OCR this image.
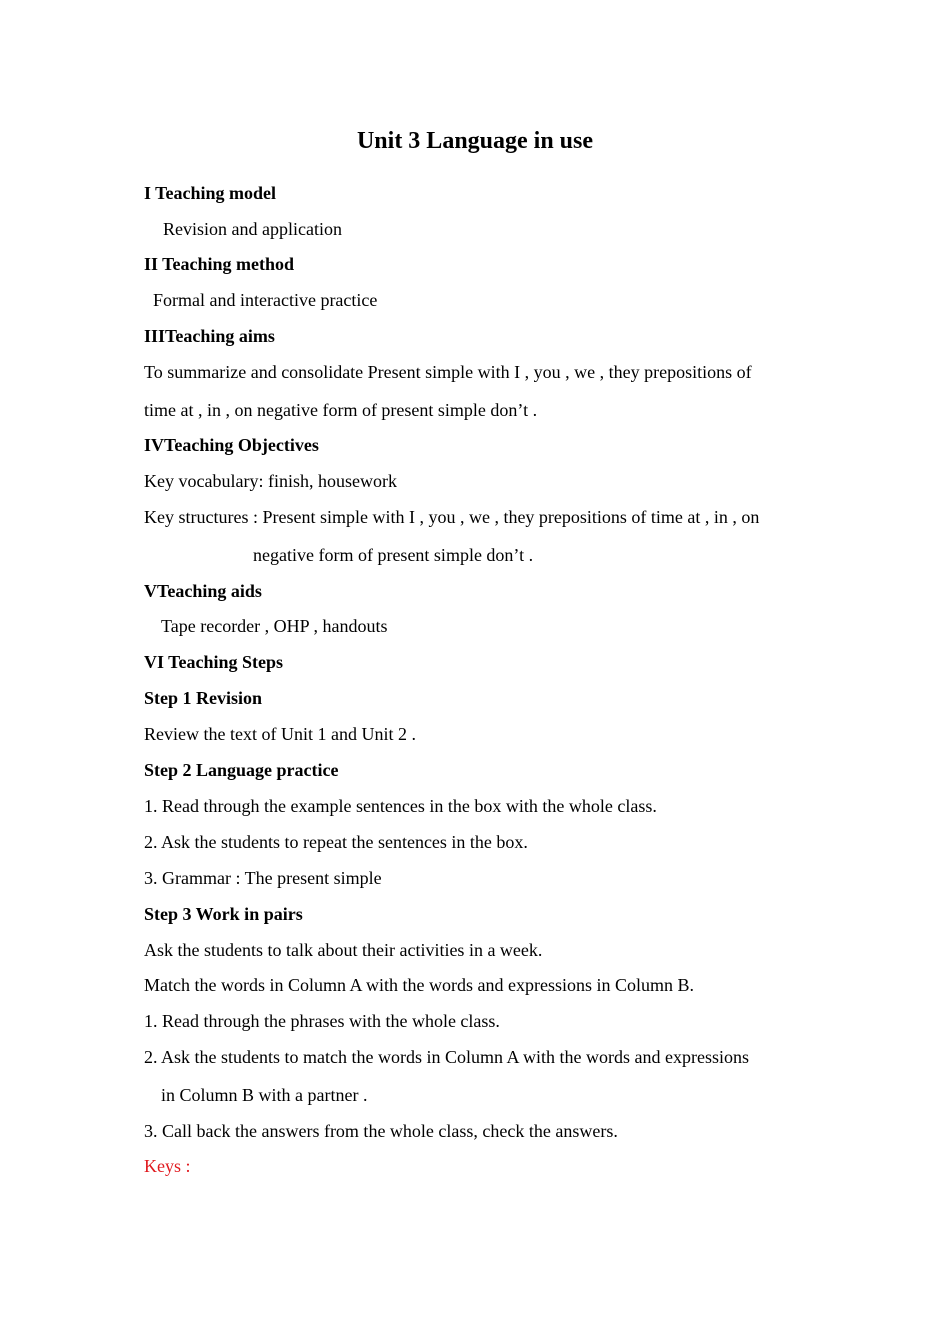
Unit 3 Language in use
I Teaching model
Revision and application
II Teaching method
Formal and interactive practice
IIITeaching aims
To summarize and consolidate Present simple with I , you , we , they prepositions of
time at , in , on negative form of present simple don’t .
IVTeaching Objectives
Key vocabulary: finish, housework
Key structures : Present simple with I , you , we , they prepositions of time at , in , on
negative form of present simple don’t .
VTeaching aids
Tape recorder , OHP , handouts
VI Teaching Steps
Step 1 Revision
Review the text of Unit 1 and Unit 2 .
Step 2 Language practice
1. Read through the example sentences in the box with the whole class.
2. Ask the students to repeat the sentences in the box.
3. Grammar : The present simple
Step 3 Work in pairs
Ask the students to talk about their activities in a week.
Match the words in Column A with the words and expressions in Column B.
1. Read through the phrases with the whole class.
2. Ask the students to match the words in Column A with the words and expressions
in Column B with a partner .
3. Call back the answers from the whole class, check the answers.
Keys :
